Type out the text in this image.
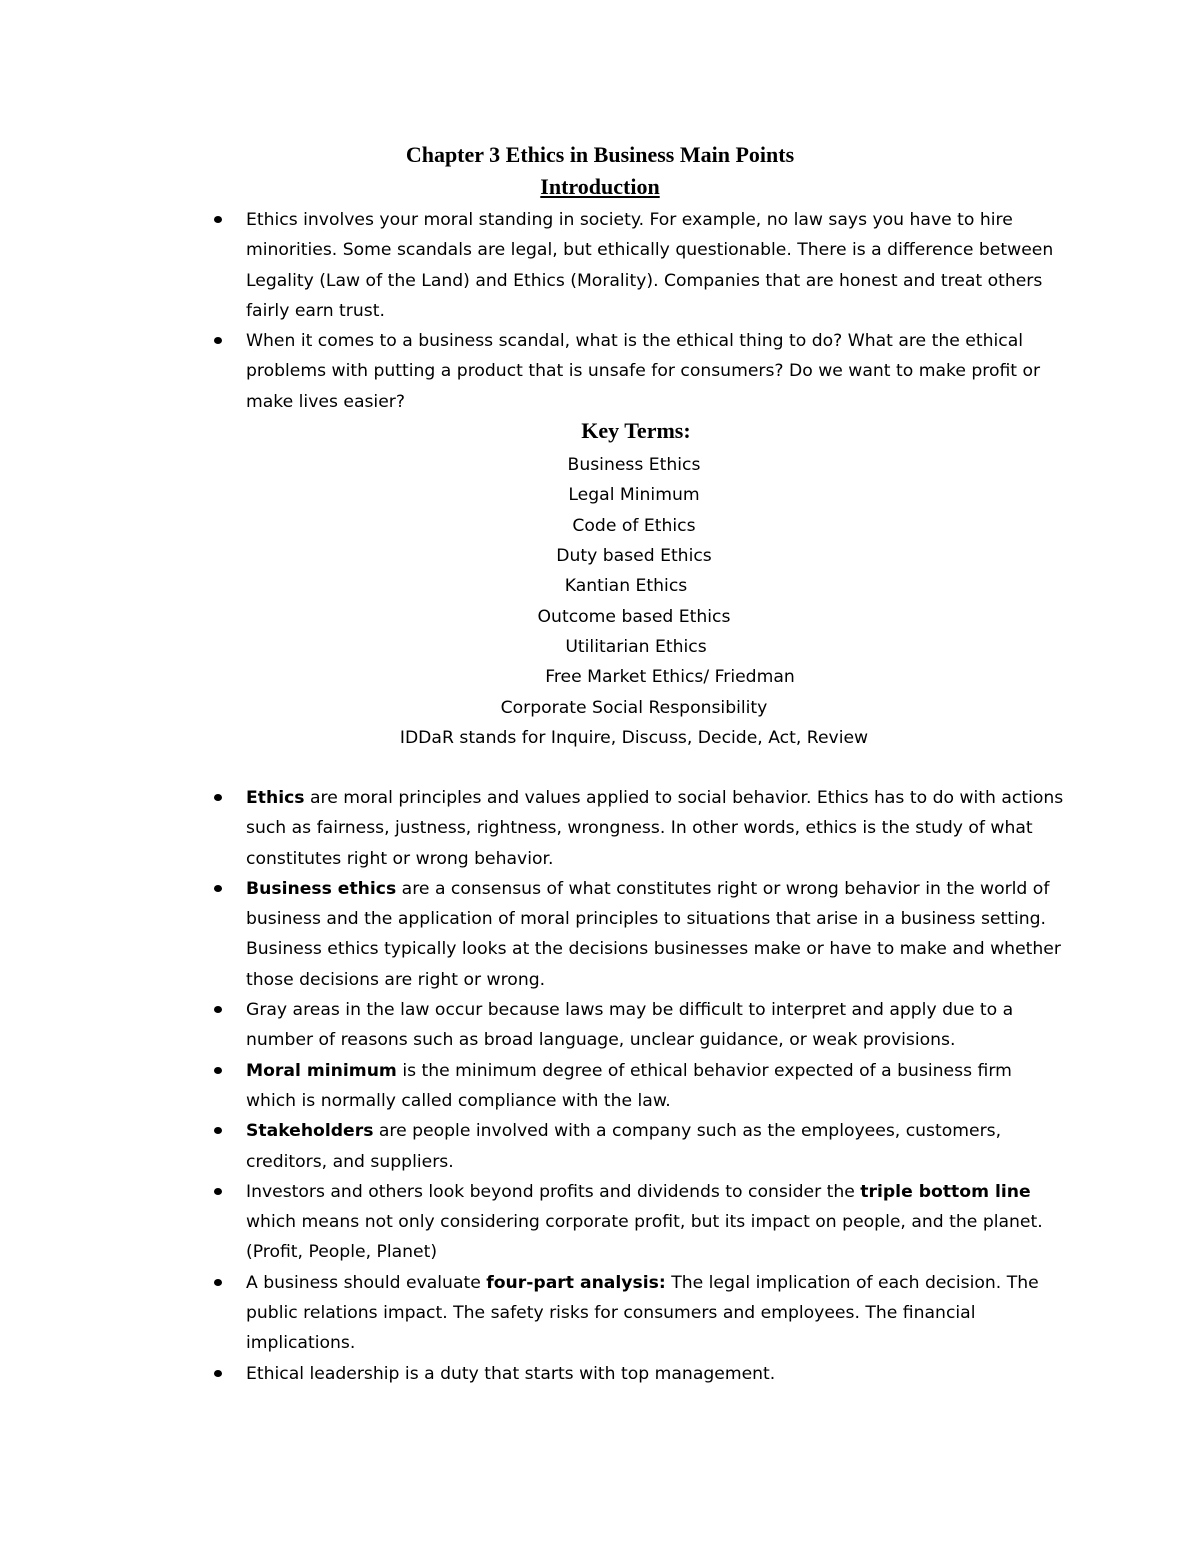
Chapter 3 Ethics in Business Main Points
Introduction
Ethics involves your moral standing in society. For example, no law says you have to hire minorities. Some scandals are legal, but ethically questionable. There is a difference between Legality (Law of the Land) and Ethics (Morality). Companies that are honest and treat others fairly earn trust.
When it comes to a business scandal, what is the ethical thing to do? What are the ethical problems with putting a product that is unsafe for consumers? Do we want to make profit or make lives easier?
Key Terms:
Business Ethics
Legal Minimum
Code of Ethics
Duty based Ethics
Kantian Ethics
Outcome based Ethics
Utilitarian Ethics
Free Market Ethics/ Friedman
Corporate Social Responsibility
IDDaR stands for Inquire, Discuss, Decide, Act, Review
Ethics are moral principles and values applied to social behavior. Ethics has to do with actions such as fairness, justness, rightness, wrongness. In other words, ethics is the study of what constitutes right or wrong behavior.
Business ethics are a consensus of what constitutes right or wrong behavior in the world of business and the application of moral principles to situations that arise in a business setting. Business ethics typically looks at the decisions businesses make or have to make and whether those decisions are right or wrong.
Gray areas in the law occur because laws may be difficult to interpret and apply due to a number of reasons such as broad language, unclear guidance, or weak provisions.
Moral minimum is the minimum degree of ethical behavior expected of a business firm which is normally called compliance with the law.
Stakeholders are people involved with a company such as the employees, customers, creditors, and suppliers.
Investors and others look beyond profits and dividends to consider the triple bottom line which means not only considering corporate profit, but its impact on people, and the planet. (Profit, People, Planet)
A business should evaluate four-part analysis: The legal implication of each decision. The public relations impact. The safety risks for consumers and employees. The financial implications.
Ethical leadership is a duty that starts with top management.
